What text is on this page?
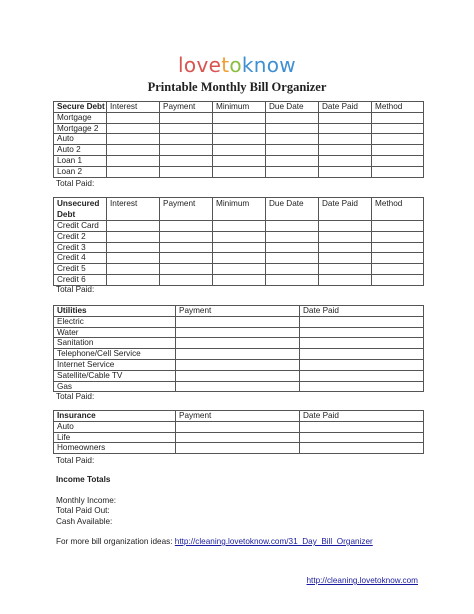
lovetoknow
Printable Monthly Bill Organizer
Secure Debt	Interest	Payment	Minimum	Due Date	Date Paid	Method
Mortgage						
Mortgage 2						
Auto						
Auto 2						
Loan 1						
Loan 2						
Total Paid:
Unsecured Debt	Interest	Payment	Minimum	Due Date	Date Paid	Method
Credit Card						
Credit 2						
Credit 3						
Credit 4						
Credit 5						
Credit 6						
Total Paid:
Utilities	Payment	Date Paid
Electric		
Water		
Sanitation		
Telephone/Cell Service		
Internet Service		
Satellite/Cable TV		
Gas		
Total Paid:
Insurance	Payment	Date Paid
Auto		
Life		
Homeowners		
Total Paid:
Income Totals
Monthly Income:
Total Paid Out:
Cash Available:
For more bill organization ideas: http://cleaning.lovetoknow.com/31_Day_Bill_Organizer
http://cleaning.lovetoknow.com
